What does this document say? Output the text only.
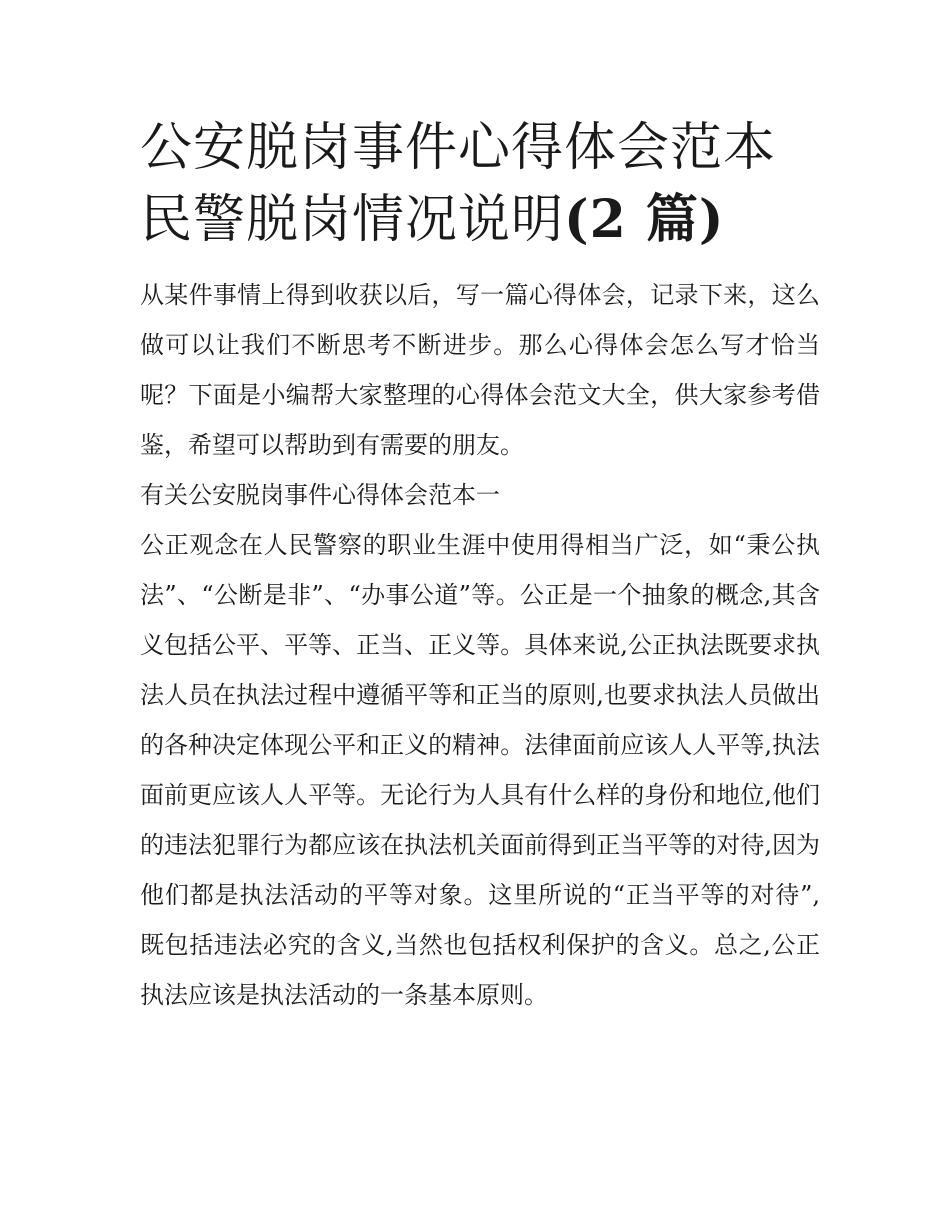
公安脱岗事件心得体会范本 民警脱岗情况说明(2 篇)

从某件事情上得到收获以后，写一篇心得体会，记录下来，这么做可以让我们不断思考不断进步。那么心得体会怎么写才恰当呢？下面是小编帮大家整理的心得体会范文大全，供大家参考借鉴，希望可以帮助到有需要的朋友。

有关公安脱岗事件心得体会范本一

公正观念在人民警察的职业生涯中使用得相当广泛，如“秉公执法”、“公断是非”、“办事公道”等。公正是一个抽象的概念,其含义包括公平、平等、正当、正义等。具体来说,公正执法既要求执法人员在执法过程中遵循平等和正当的原则,也要求执法人员做出的各种决定体现公平和正义的精神。法律面前应该人人平等,执法面前更应该人人平等。无论行为人具有什么样的身份和地位,他们的违法犯罪行为都应该在执法机关面前得到正当平等的对待,因为他们都是执法活动的平等对象。这里所说的“正当平等的对待”,既包括违法必究的含义,当然也包括权利保护的含义。总之,公正执法应该是执法活动的一条基本原则。
